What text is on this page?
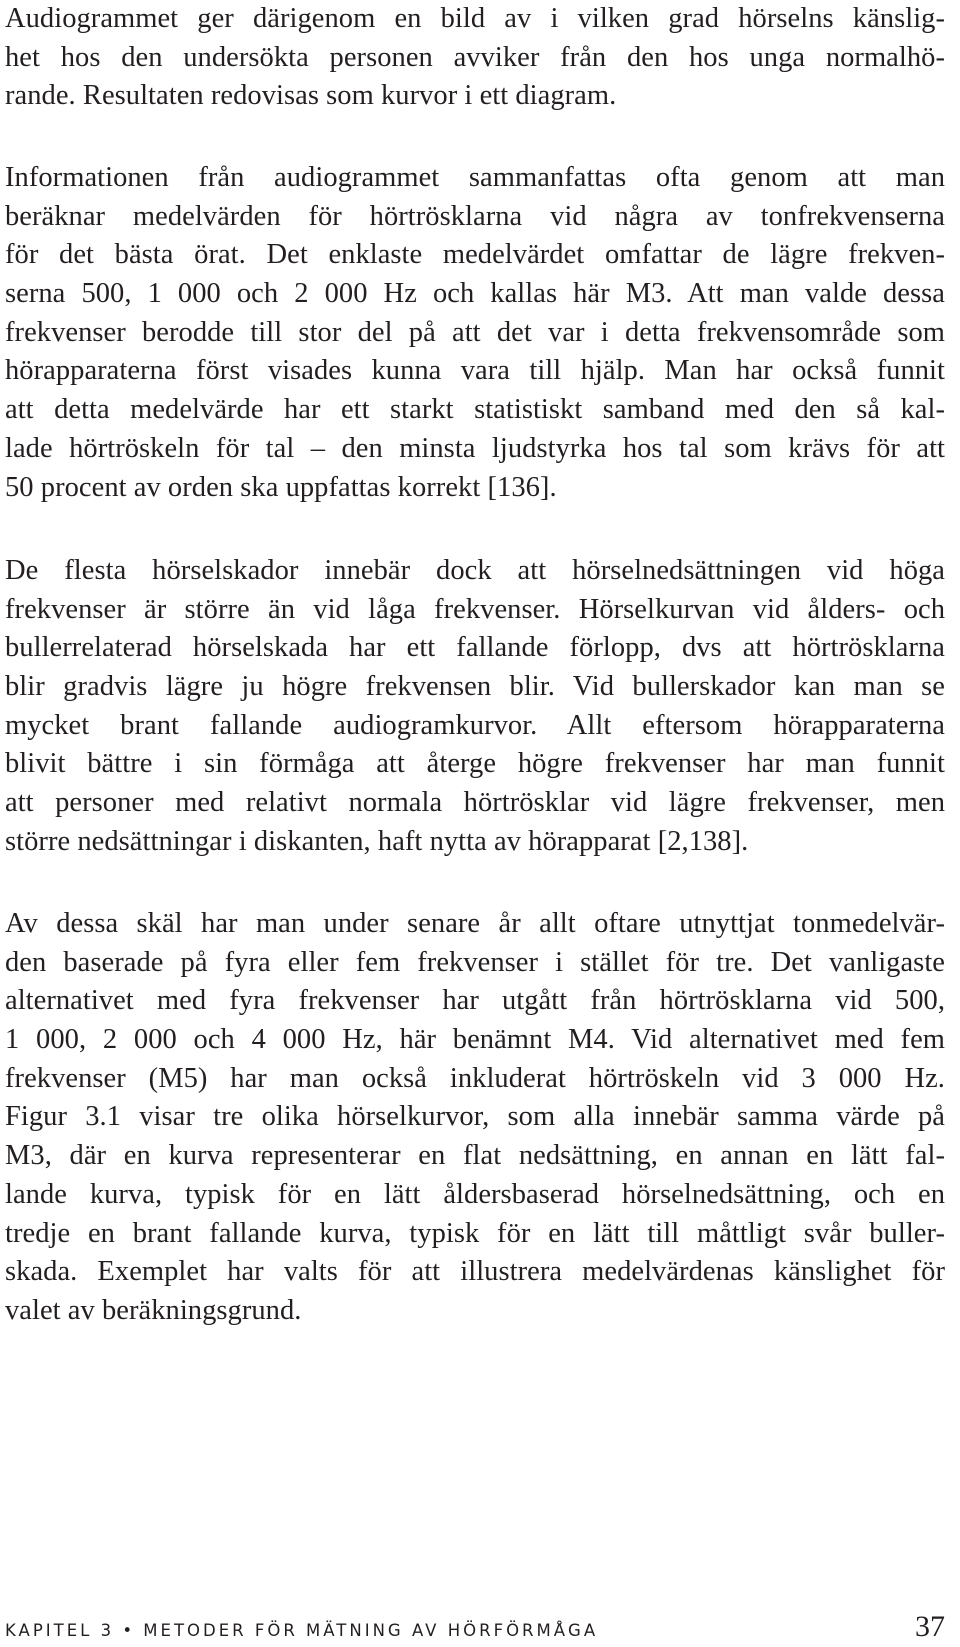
Audiogrammet ger därigenom en bild av i vilken grad hörselns känslig-
het hos den undersökta personen avviker från den hos unga normalhö-
rande. Resultaten redovisas som kurvor i ett diagram.

Informationen från audiogrammet sammanfattas ofta genom att man
beräknar medelvärden för hörtrösklarna vid några av tonfrekvenserna
för det bästa örat. Det enklaste medelvärdet omfattar de lägre frekven-
serna 500, 1 000 och 2 000 Hz och kallas här M3. Att man valde dessa
frekvenser berodde till stor del på att det var i detta frekvensområde som
hörapparaterna först visades kunna vara till hjälp. Man har också funnit
att detta medelvärde har ett starkt statistiskt samband med den så kal-
lade hörtröskeln för tal – den minsta ljudstyrka hos tal som krävs för att
50 procent av orden ska uppfattas korrekt [136].

De flesta hörselskador innebär dock att hörselnedsättningen vid höga
frekvenser är större än vid låga frekvenser. Hörselkurvan vid ålders- och
bullerrelaterad hörselskada har ett fallande förlopp, dvs att hörtrösklarna
blir gradvis lägre ju högre frekvensen blir. Vid bullerskador kan man se
mycket brant fallande audiogramkurvor. Allt eftersom hörapparaterna
blivit bättre i sin förmåga att återge högre frekvenser har man funnit
att personer med relativt normala hörtrösklar vid lägre frekvenser, men
större nedsättningar i diskanten, haft nytta av hörapparat [2,138].

Av dessa skäl har man under senare år allt oftare utnyttjat tonmedelvär-
den baserade på fyra eller fem frekvenser i stället för tre. Det vanligaste
alternativet med fyra frekvenser har utgått från hörtrösklarna vid 500,
1 000, 2 000 och 4 000 Hz, här benämnt M4. Vid alternativet med fem
frekvenser (M5) har man också inkluderat hörtröskeln vid 3 000 Hz.
Figur 3.1 visar tre olika hörselkurvor, som alla innebär samma värde på
M3, där en kurva representerar en flat nedsättning, en annan en lätt fal-
lande kurva, typisk för en lätt åldersbaserad hörselnedsättning, och en
tredje en brant fallande kurva, typisk för en lätt till måttligt svår buller-
skada. Exemplet har valts för att illustrera medelvärdenas känslighet för
valet av beräkningsgrund.

KAPITEL 3 • METODER FÖR MÄTNING AV HÖRFÖRMÅGA	37
